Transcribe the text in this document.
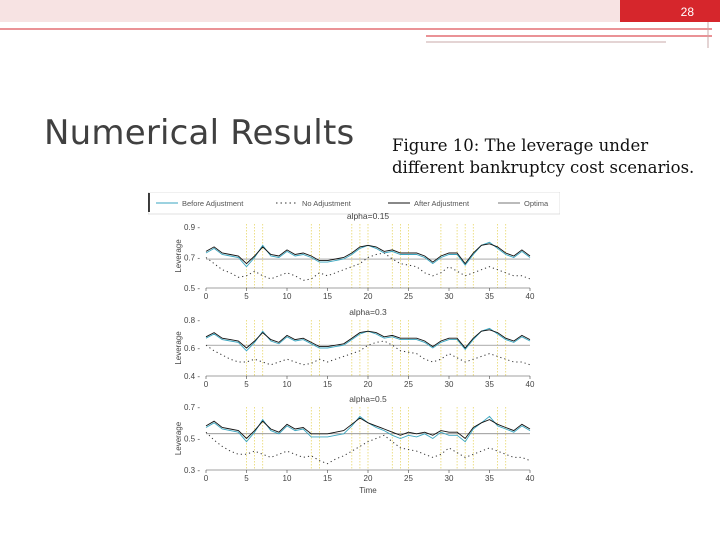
28
Numerical Results Figure 10: The leverage under different bankruptcy cost scenarios.
Before Adjustment	No Adjustment	After Adjustment	Optima
alpha=0.15
0.9 -
0.7 -
0.5 -
0	5	10	15	20	25	30	35	40
Leverage
alpha=0.3
0.8 -
0.6 -
0.4 -
0	5	10	15	20	25	30	35	40
Leverage
alpha=0.5
0.7 -
0.5 -
0.3 -
0	5	10	15	20	25	30	35	40
Leverage
Time
